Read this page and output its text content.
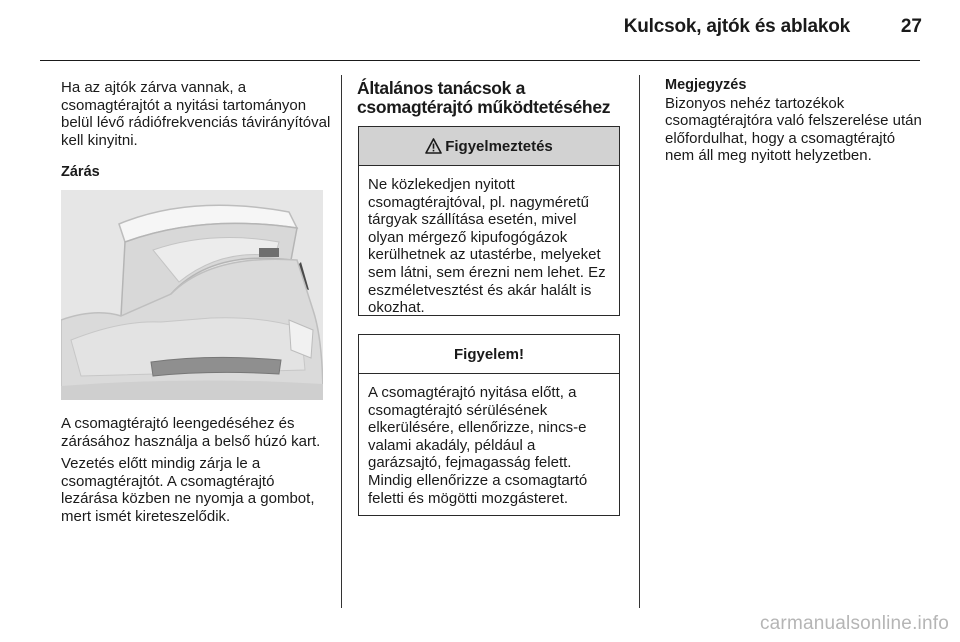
Kulcsok, ajtók és ablakok	27

Ha az ajtók zárva vannak, a csomagtérajtót a nyitási tartományon belül lévő rádiófrekvenciás távirányítóval kell kinyitni.

Zárás

A csomagtérajtó leengedéséhez és zárásához használja a belső húzó kart.

Vezetés előtt mindig zárja le a csomagtérajtót. A csomagtérajtó lezárása közben ne nyomja a gombot, mert ismét kireteszelődik.

Általános tanácsok a csomagtérajtó működtetéséhez
Figyelmeztetés
Ne közlekedjen nyitott csomagtérajtóval, pl. nagyméretű tárgyak szállítása esetén, mivel olyan mérgező kipufogógázok kerülhetnek az utastérbe, melyeket sem látni, sem érezni nem lehet. Ez eszméletvesztést és akár halált is okozhat.
Figyelem!
A csomagtérajtó nyitása előtt, a csomagtérajtó sérülésének elkerülésére, ellenőrizze, nincs-e valami akadály, például a garázsajtó, fejmagasság felett. Mindig ellenőrizze a csomagtartó feletti és mögötti mozgásteret.
Megjegyzés
Bizonyos nehéz tartozékok csomagtérajtóra való felszerelése után előfordulhat, hogy a csomagtérajtó nem áll meg nyitott helyzetben.
carmanualsonline.info
